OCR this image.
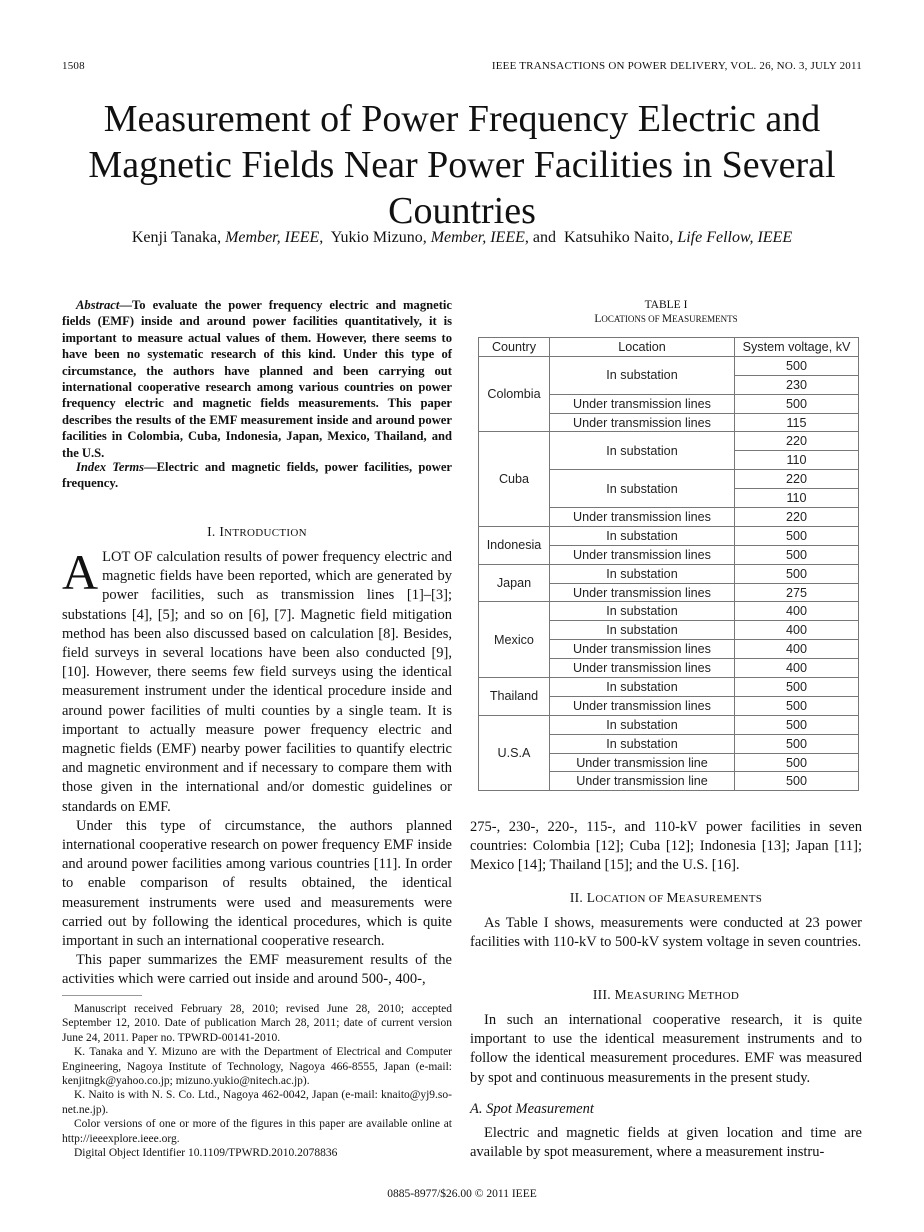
1508	IEEE TRANSACTIONS ON POWER DELIVERY, VOL. 26, NO. 3, JULY 2011
Measurement of Power Frequency Electric and Magnetic Fields Near Power Facilities in Several Countries
Kenji Tanaka, Member, IEEE,  Yukio Mizuno, Member, IEEE, and Katsuhiko Naito, Life Fellow, IEEE
Abstract—To evaluate the power frequency electric and magnetic fields (EMF) inside and around power facilities quantitatively, it is important to measure actual values of them. However, there seems to have been no systematic research of this kind. Under this type of circumstance, the authors have planned and been carrying out international cooperative research among various countries on power frequency electric and magnetic fields measurements. This paper describes the results of the EMF measurement inside and around power facilities in Colombia, Cuba, Indonesia, Japan, Mexico, Thailand, and the U.S.
Index Terms—Electric and magnetic fields, power facilities, power frequency.
I. INTRODUCTION
A LOT OF calculation results of power frequency electric and magnetic fields have been reported, which are generated by power facilities, such as transmission lines [1]–[3]; substations [4], [5]; and so on [6], [7]. Magnetic field mitigation method has been also discussed based on calculation [8]. Besides, field surveys in several locations have been also conducted [9], [10]. However, there seems few field surveys using the identical measurement instrument under the identical procedure inside and around power facilities of multi counties by a single team. It is important to actually measure power frequency electric and magnetic fields (EMF) nearby power facilities to quantify electric and magnetic environment and if necessary to compare them with those given in the international and/or domestic guidelines or standards on EMF.

Under this type of circumstance, the authors planned international cooperative research on power frequency EMF inside and around power facilities among various countries [11]. In order to enable comparison of results obtained, the identical measurement instruments were used and measurements were carried out by following the identical procedures, which is quite important in such an international cooperative research.

This paper summarizes the EMF measurement results of the activities which were carried out inside and around 500-, 400-,

Manuscript received February 28, 2010; revised June 28, 2010; accepted September 12, 2010. Date of publication March 28, 2011; date of current version June 24, 2011. Paper no. TPWRD-00141-2010.

K. Tanaka and Y. Mizuno are with the Department of Electrical and Computer Engineering, Nagoya Institute of Technology, Nagoya 466-8555, Japan (e-mail: kenjitngk@yahoo.co.jp; mizuno.yukio@nitech.ac.jp).

K. Naito is with N. S. Co. Ltd., Nagoya 462-0042, Japan (e-mail: knaito@yj9.so-net.ne.jp).

Color versions of one or more of the figures in this paper are available online at http://ieeexplore.ieee.org.

Digital Object Identifier 10.1109/TPWRD.2010.2078836

TABLE I
LOCATIONS OF MEASUREMENTS
Country	Location	System voltage, kV
Colombia	In substation	500
230
Under transmission lines	500
Under transmission lines	115
Cuba	In substation	220
110
In substation	220
110
Under transmission lines	220
Indonesia	In substation	500
Under transmission lines	500
Japan	In substation	500
Under transmission lines	275
Mexico	In substation	400
In substation	400
Under transmission lines	400
Under transmission lines	400
Thailand	In substation	500
Under transmission lines	500
U.S.A	In substation	500
In substation	500
Under transmission line	500
Under transmission line	500

275-, 230-, 220-, 115-, and 110-kV power facilities in seven countries: Colombia [12]; Cuba [12]; Indonesia [13]; Japan [11]; Mexico [14]; Thailand [15]; and the U.S. [16].

II. LOCATION OF MEASUREMENTS

As Table I shows, measurements were conducted at 23 power facilities with 110-kV to 500-kV system voltage in seven countries.

III. MEASURING METHOD

In such an international cooperative research, it is quite important to use the identical measurement instruments and to follow the identical measurement procedures. EMF was measured by spot and continuous measurements in the present study.

A. Spot Measurement

Electric and magnetic fields at given location and time are available by spot measurement, where a measurement instru-

0885-8977/$26.00 © 2011 IEEE
